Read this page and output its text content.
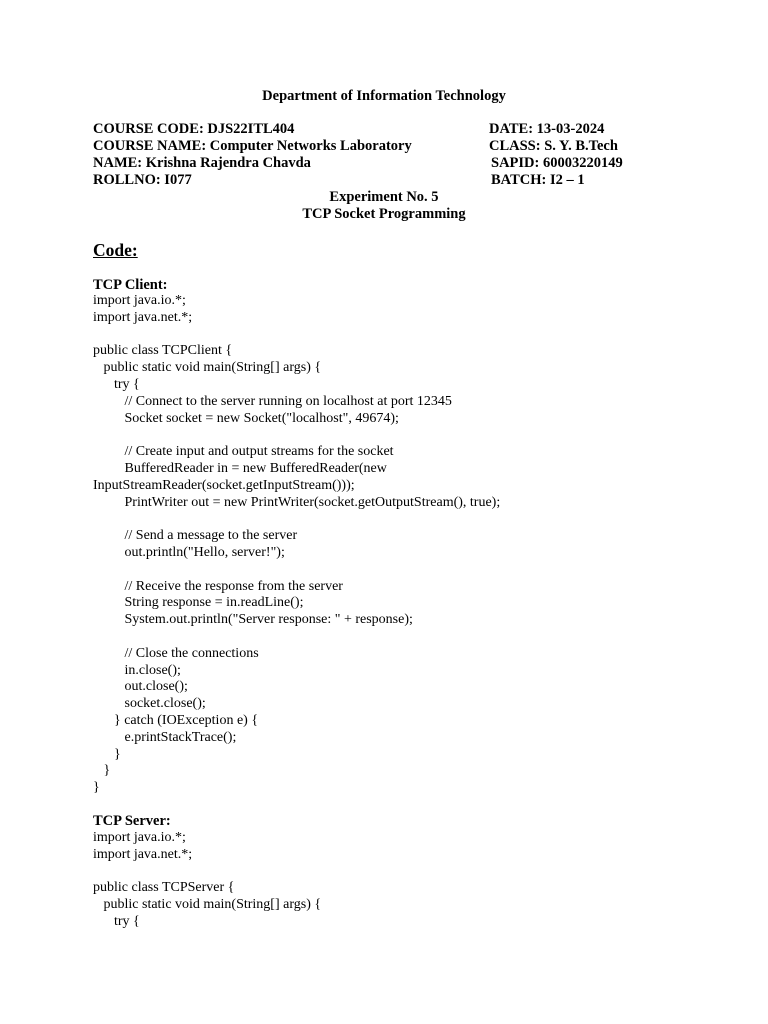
Department of Information Technology
COURSE CODE: DJS22ITL404	DATE: 13-03-2024
COURSE NAME: Computer Networks Laboratory	CLASS: S. Y. B.Tech
NAME: Krishna Rajendra Chavda	SAPID: 60003220149
ROLLNO: I077	BATCH: I2 – 1
Experiment No. 5
TCP Socket Programming
Code:
TCP Client:
import java.io.*;
import java.net.*;

public class TCPClient {
public static void main(String[] args) {
try {
// Connect to the server running on localhost at port 12345
Socket socket = new Socket("localhost", 49674);

// Create input and output streams for the socket
BufferedReader in = new BufferedReader(new
InputStreamReader(socket.getInputStream()));
PrintWriter out = new PrintWriter(socket.getOutputStream(), true);

// Send a message to the server
out.println("Hello, server!");

// Receive the response from the server
String response = in.readLine();
System.out.println("Server response: " + response);

// Close the connections
in.close();
out.close();
socket.close();
} catch (IOException e) {
e.printStackTrace();
}
}
}
TCP Server:
import java.io.*;
import java.net.*;

public class TCPServer {
public static void main(String[] args) {
try {
